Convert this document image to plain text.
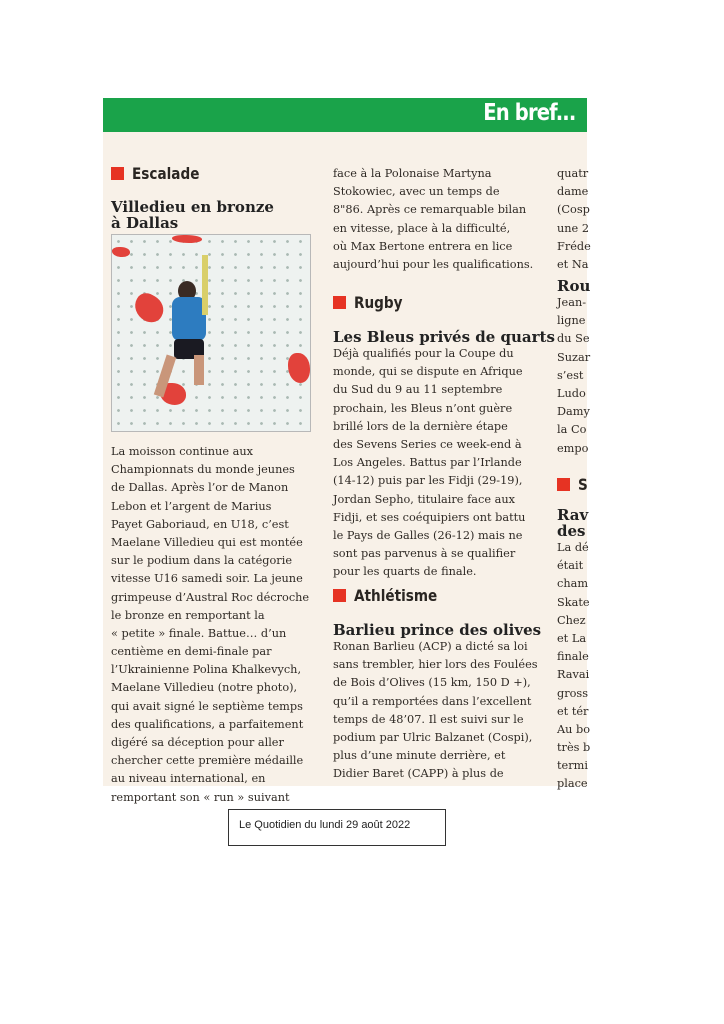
En bref...
Escalade
Villedieu en bronze
à Dallas
La moisson continue aux
Championnats du monde jeunes
de Dallas. Après l’or de Manon
Lebon et l’argent de Marius
Payet Gaboriaud, en U18, c’est
Maelane Villedieu qui est montée
sur le podium dans la catégorie
vitesse U16 samedi soir. La jeune
grimpeuse d’Austral Roc décroche
le bronze en remportant la
« petite » finale. Battue… d’un
centième en demi-finale par
l’Ukrainienne Polina Khalkevych,
Maelane Villedieu (notre photo),
qui avait signé le septième temps
des qualifications, a parfaitement
digéré sa déception pour aller
chercher cette première médaille
au niveau international, en
remportant son « run » suivant
face à la Polonaise Martyna
Stokowiec, avec un temps de
8"86. Après ce remarquable bilan
en vitesse, place à la difficulté,
où Max Bertone entrera en lice
aujourd’hui pour les qualifications.
Rugby
Les Bleus privés de quarts
Déjà qualifiés pour la Coupe du
monde, qui se dispute en Afrique
du Sud du 9 au 11 septembre
prochain, les Bleus n’ont guère
brillé lors de la dernière étape
des Sevens Series ce week-end à
Los Angeles. Battus par l’Irlande
(14-12) puis par les Fidji (29-19),
Jordan Sepho, titulaire face aux
Fidji, et ses coéquipiers ont battu
le Pays de Galles (26-12) mais ne
sont pas parvenus à se qualifier
pour les quarts de finale.
Athlétisme
Barlieu prince des olives
Ronan Barlieu (ACP) a dicté sa loi
sans trembler, hier lors des Foulées
de Bois d’Olives (15 km, 150 D +),
qu’il a remportées dans l’excellent
temps de 48’07. Il est suivi sur le
podium par Ulric Balzanet (Cospi),
plus d’une minute derrière, et
Didier Baret (CAPP) à plus de
quatr
dame
(Cosp
une 2
Fréde
et Na
Rou
Jean-
ligne
du Se
Suzar
s’est
Ludo
Damy
la Co
empo
S
Rav
des
La dé
était
cham
Skate
Chez
et La
finale
Ravai
gross
et tér
Au bo
très b
termi
place
Le Quotidien du lundi 29 août 2022
